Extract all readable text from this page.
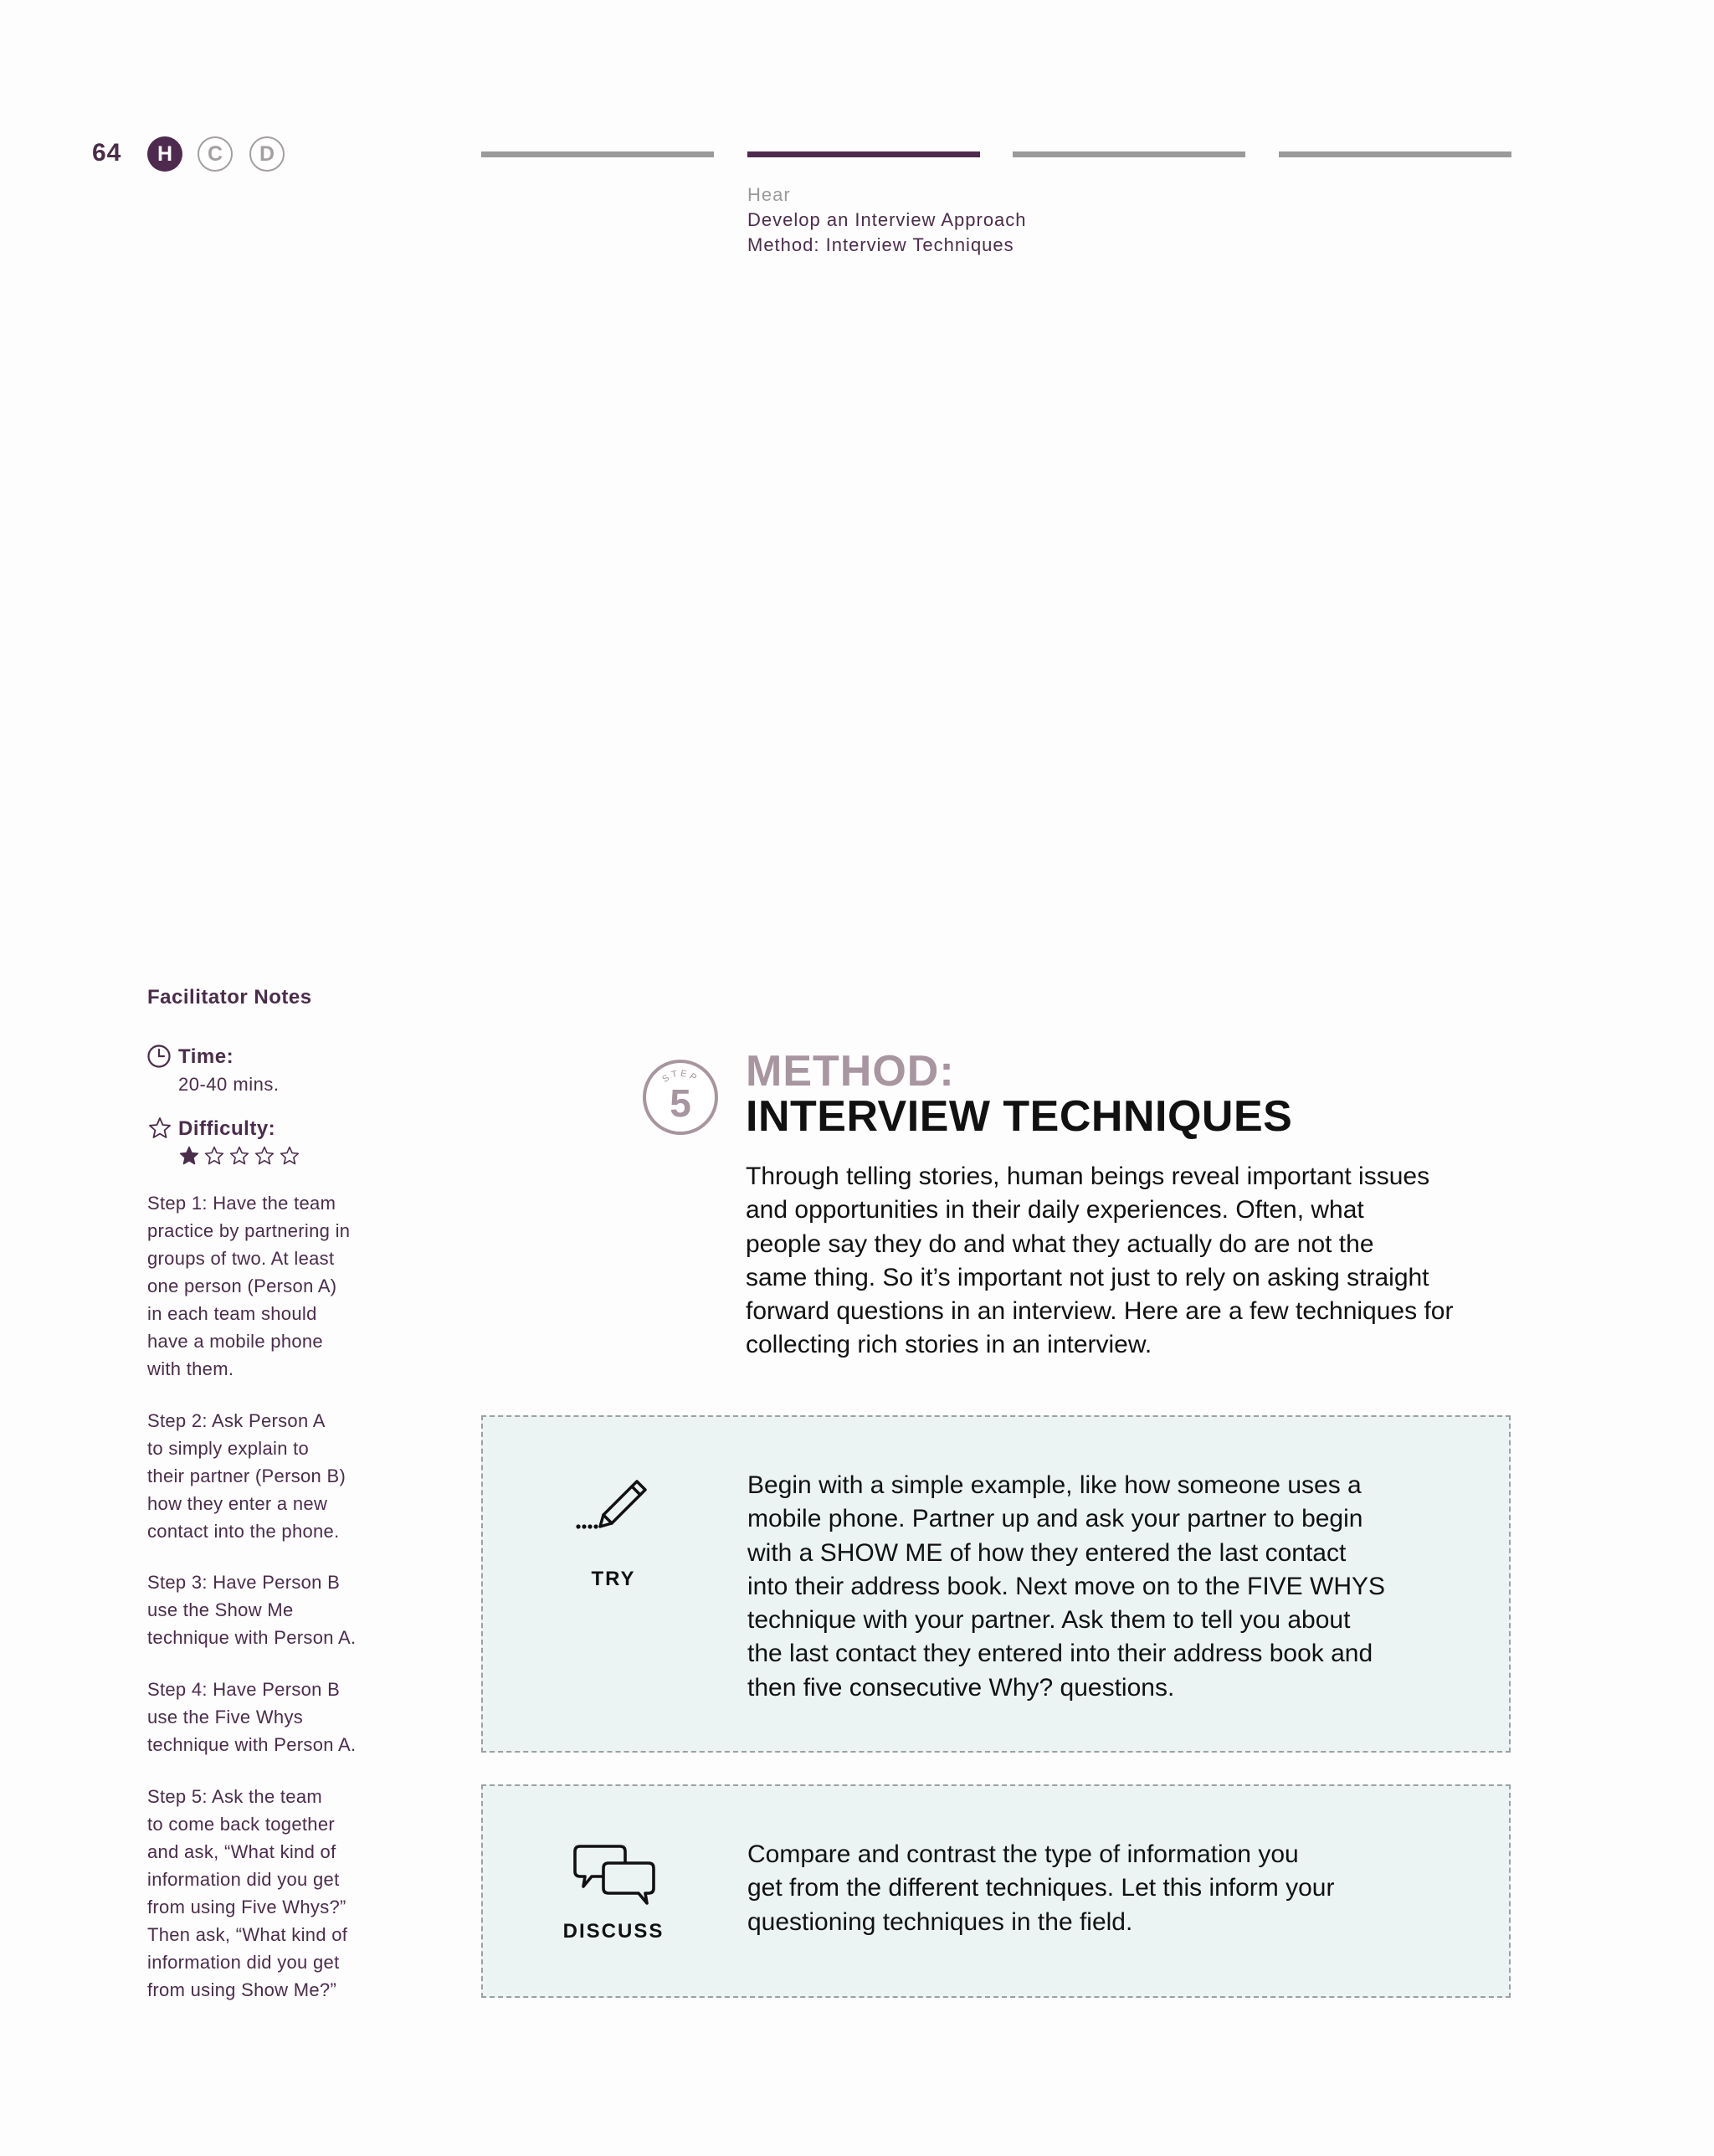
64	H	C	D
Hear
Develop an Interview Approach
Method: Interview Techniques
Facilitator Notes
Time:
20-40 mins.
Difficulty:
Step 1: Have the team
practice by partnering in
groups of two. At least
one person (Person A)
in each team should
have a mobile phone
with them.
Step 2: Ask Person A
to simply explain to
their partner (Person B)
how they enter a new
contact into the phone.
Step 3: Have Person B
use the Show Me
technique with Person A.
Step 4: Have Person B
use the Five Whys
technique with Person A.
Step 5: Ask the team
to come back together
and ask, “What kind of
information did you get
from using Five Whys?”
Then ask, “What kind of
information did you get
from using Show Me?”
STEP
5
METHOD:
INTERVIEW TECHNIQUES
Through telling stories, human beings reveal important issues
and opportunities in their daily experiences. Often, what
people say they do and what they actually do are not the
same thing. So it’s important not just to rely on asking straight
forward questions in an interview. Here are a few techniques for
collecting rich stories in an interview.
TRY
Begin with a simple example, like how someone uses a
mobile phone. Partner up and ask your partner to begin
with a SHOW ME of how they entered the last contact
into their address book. Next move on to the FIVE WHYS
technique with your partner. Ask them to tell you about
the last contact they entered into their address book and
then five consecutive Why? questions.
DISCUSS
Compare and contrast the type of information you
get from the different techniques. Let this inform your
questioning techniques in the field.
